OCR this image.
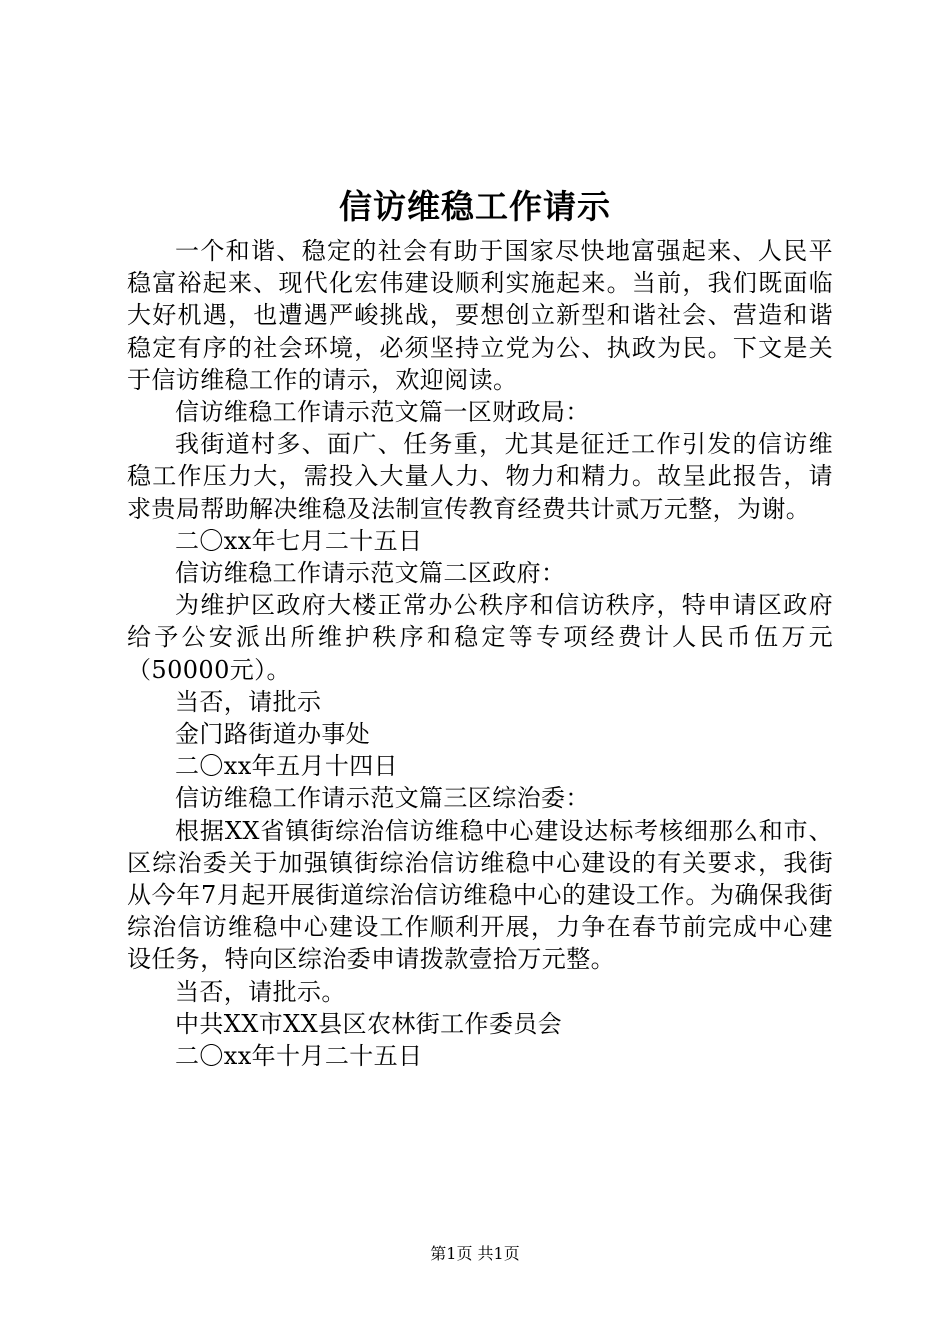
信访维稳工作请示

一个和谐、稳定的社会有助于国家尽快地富强起来、人民平稳富裕起来、现代化宏伟建设顺利实施起来。当前，我们既面临大好机遇，也遭遇严峻挑战，要想创立新型和谐社会、营造和谐稳定有序的社会环境，必须坚持立党为公、执政为民。下文是关于信访维稳工作的请示，欢迎阅读。

信访维稳工作请示范文篇一区财政局：

我街道村多、面广、任务重，尤其是征迁工作引发的信访维稳工作压力大，需投入大量人力、物力和精力。故呈此报告，请求贵局帮助解决维稳及法制宣传教育经费共计贰万元整，为谢。

二〇xx年七月二十五日

信访维稳工作请示范文篇二区政府：

为维护区政府大楼正常办公秩序和信访秩序，特申请区政府给予公安派出所维护秩序和稳定等专项经费计人民币伍万元（50000元）。

当否，请批示

金门路街道办事处

二〇xx年五月十四日

信访维稳工作请示范文篇三区综治委：

根据XX省镇街综治信访维稳中心建设达标考核细那么和市、区综治委关于加强镇街综治信访维稳中心建设的有关要求，我街从今年7月起开展街道综治信访维稳中心的建设工作。为确保我街综治信访维稳中心建设工作顺利开展，力争在春节前完成中心建设任务，特向区综治委申请拨款壹拾万元整。

当否，请批示。

中共XX市XX县区农林街工作委员会

二〇xx年十月二十五日

第1页 共1页
